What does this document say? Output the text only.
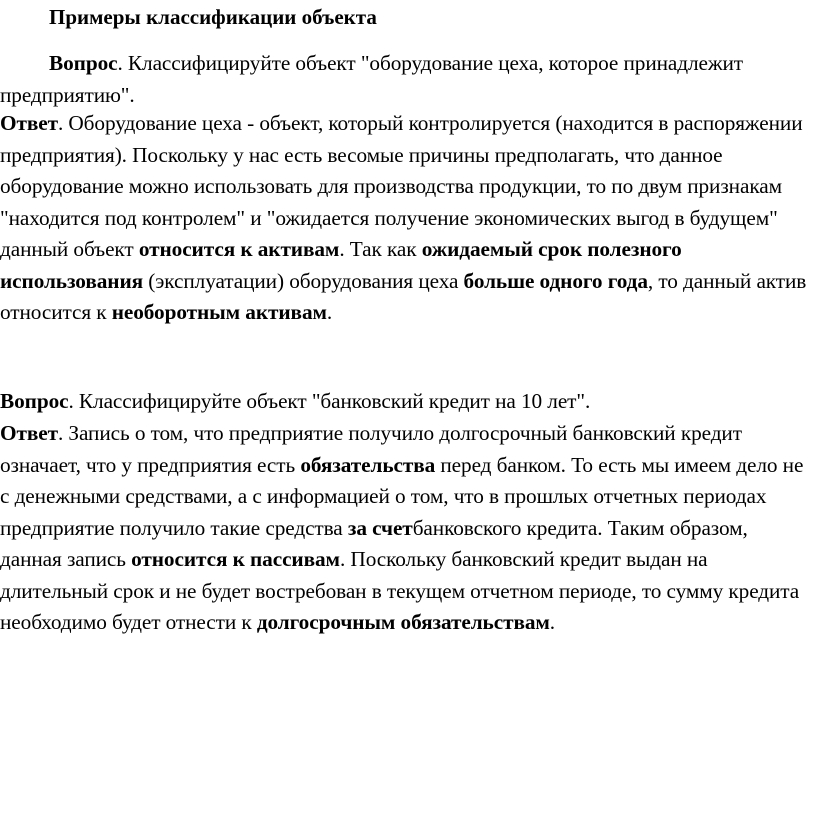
Примеры классификации объекта

Вопрос. Классифицируйте объект "оборудование цеха, которое принадлежит предприятию".

Ответ. Оборудование цеха - объект, который контролируется (находится в распоряжении предприятия). Поскольку у нас есть весомые причины предполагать, что данное оборудование можно использовать для производства продукции, то по двум признакам "находится под контролем" и "ожидается получение экономических выгод в будущем" данный объект относится к активам. Так как ожидаемый срок полезного использования (эксплуатации) оборудования цеха больше одного года, то данный актив относится к необоротным активам.

Вопрос. Классифицируйте объект "банковский кредит на 10 лет".

Ответ. Запись о том, что предприятие получило долгосрочный банковский кредит означает, что у предприятия есть обязательства перед банком. То есть мы имеем дело не с денежными средствами, а с информацией о том, что в прошлых отчетных периодах предприятие получило такие средства за счетбанковского кредита. Таким образом, данная запись относится к пассивам. Поскольку банковский кредит выдан на длительный срок и не будет востребован в текущем отчетном периоде, то сумму кредита необходимо будет отнести к долгосрочным обязательствам.
